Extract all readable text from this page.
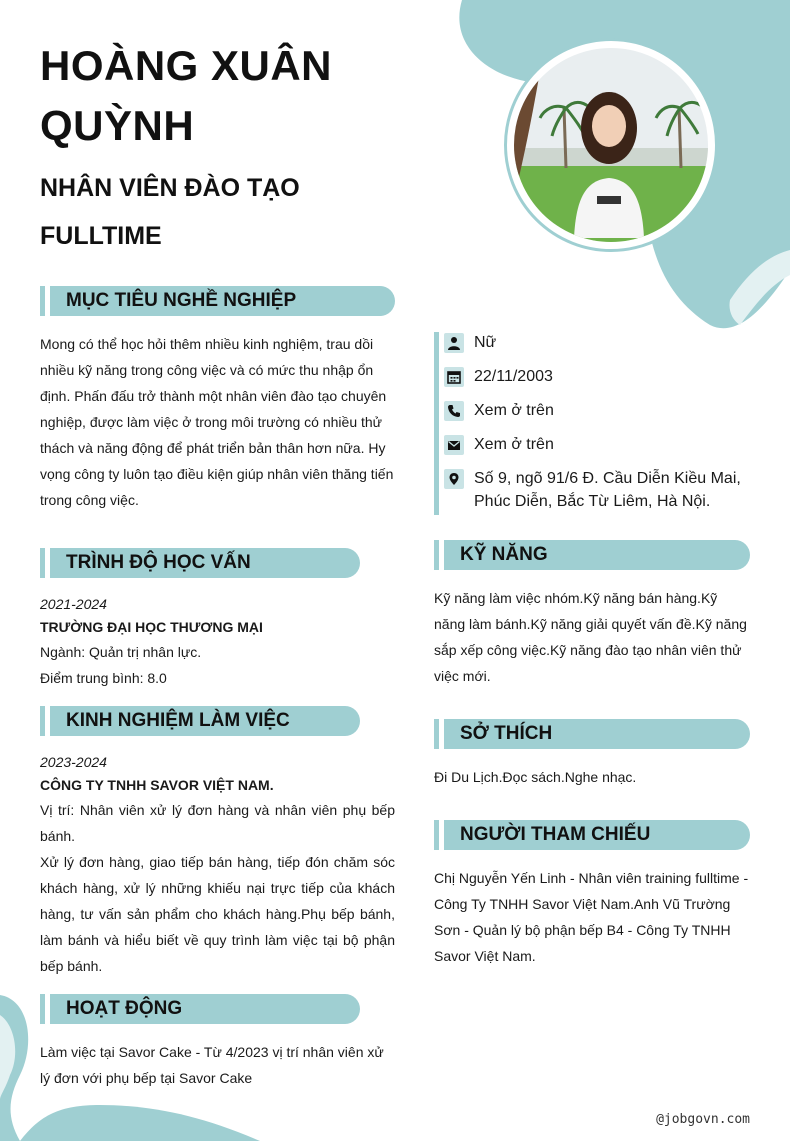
HOÀNG XUÂN QUỲNH
NHÂN VIÊN ĐÀO TẠO FULLTIME
MỤC TIÊU NGHỀ NGHIỆP
Mong có thể học hỏi thêm nhiều kinh nghiệm, trau dồi nhiều kỹ năng trong công việc và có mức thu nhập ổn định. Phấn đấu trở thành một nhân viên đào tạo chuyên nghiệp, được làm việc ở trong môi trường có nhiều thử thách và năng động để phát triển bản thân hơn nữa. Hy vọng công ty luôn tạo điều kiện giúp nhân viên thăng tiến trong công việc.
TRÌNH ĐỘ HỌC VẤN
2021-2024
TRƯỜNG ĐẠI HỌC THƯƠNG MẠI
Ngành: Quản trị nhân lực.
Điểm trung bình: 8.0
KINH NGHIỆM LÀM VIỆC
2023-2024
CÔNG TY TNHH SAVOR VIỆT NAM.
Vị trí: Nhân viên xử lý đơn hàng và nhân viên phụ bếp bánh.
Xử lý đơn hàng, giao tiếp bán hàng, tiếp đón chăm sóc khách hàng, xử lý những khiếu nại trực tiếp của khách hàng, tư vấn sản phẩm cho khách hàng.Phụ bếp bánh, làm bánh và hiểu biết về quy trình làm việc tại bộ phận bếp bánh.
HOẠT ĐỘNG
Làm việc tại Savor Cake - Từ 4/2023 vị trí nhân viên xử lý đơn với phụ bếp tại Savor Cake
Nữ
22/11/2003
Xem ở trên
Xem ở trên
Số 9, ngõ 91/6 Đ. Cầu Diễn Kiều Mai, Phúc Diễn, Bắc Từ Liêm, Hà Nội.
KỸ NĂNG
Kỹ năng làm việc nhóm.Kỹ năng bán hàng.Kỹ năng làm bánh.Kỹ năng giải quyết vấn đề.Kỹ năng sắp xếp công việc.Kỹ năng đào tạo nhân viên thử việc mới.
SỞ THÍCH
Đi Du Lịch.Đọc sách.Nghe nhạc.
NGƯỜI THAM CHIẾU
Chị Nguyễn Yến Linh - Nhân viên training fulltime - Công Ty TNHH Savor Việt Nam.Anh Vũ Trường Sơn - Quản lý bộ phận bếp B4 - Công Ty TNHH Savor Việt Nam.
@jobgovn.com
